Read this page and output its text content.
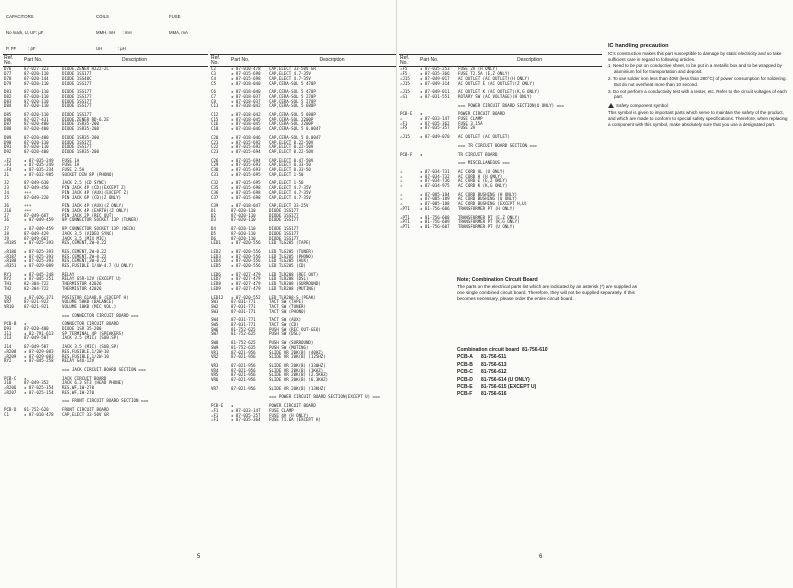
CAPACITORS

No mark, U, UF: µF

P, PF          : pF

COILS

MMH, mH      : mH

UH             : µH

FUSE

MMA, mA

Ref. No.	Part No.	Description
D76	87-027-323	DIODE,ZENER HZ22-2L
D77	87-020-110	DIODE 1SS177
D78	87-020-144	DIODE 1SS40C
D79	87-020-110	DIODE 1SS177

D81	87-020-110	DIODE 1SS177
D82	87-020-110	DIODE 1SS177
D83	87-020-110	DIODE 1SS177
D84	87-020-110	DIODE 1SS177

D85	87-020-110	DIODE 1SS177
D86	87-027-431	DIODE,ZENER RD-6.2E
D87	87-020-400	DIODE 1SR35-200
D88	87-020-400	DIODE 1SR35-200

D89	87-020-400	DIODE 1SR35-200
D90	87-020-110	DIODE 1SS177
D91	87-020-110	DIODE 1SS177
D92	87-020-400	DIODE 1SR35-200

⚠F2	★ 87-035-249	FUSE 1A
⚠F3	★ 87-035-249	FUSE 1A
⚠F4	★ 87-035-234	FUSE 2.5A
J1	★ 87-032-985	SOCKET DIN 8P (PHONO)

J2	87-049-630	JACK 2,5 (CD SYNC)
J3	87-049-450	PIN JACK 4P (CD)(EXCEPT Z)
J4	+++	PIN JACK 4P (AUX)(EXCEPT Z)
J5	87-049-220	PIN JACK 6P (CD)(Z ONLY)

J6	+++	PIN JACK 4P (AUX)(Z ONLY)
J16	+++	PIN JACK 4P (EARTH)(Z ONLY)
J7	87-049-667	PIN JACK 2P (REC OUT)
J6	★ 87-049-459	8P CONNECTOR SOCKET 13P (TUNER)

J7	★ 87-049-459	8P CONNECTOR SOCKET 13P (DECK)
J8	87-049-429	JACK 3,5 (VIDEO SYNC)
J9	87-049-667	JACK 3,5 (MIX MIC)
⚠R185	★ 87-025-393	RES,CEMENT,2W-0.22

⚠R186	★ 87-025-393	RES,CEMENT,2W-0.22
⚠R187	★ 87-025-393	RES,CEMENT,2W-0.22
⚠R188	★ 87-025-393	RES,CEMENT,2W-0.22
⚠R351	★ 87-029-089	RES,FUSIBLE 1/4W-4.7 (U ONLY)

RY1	★ 87-045-248	RELAY
RY2	★ 87-045-251	RELAY G5R-12V (EXCEPT U)
TH1	82-304-722	THERMISTOR 42026
TH2	82-304-722	THERMISTOR 42026

TH3	★ 87-026-371	POSISTOR 61AAB.8 (EXCEPT H)
VR7	87-021-922	VOLUME 50KB (BALANCE)
VR10	87-021-921	VOLUME 10KB (MIC VOL.)

		=== CONNECTOR CIRCUIT BOARD ===

PCB-B	★	CONNECTOR CIRCUIT BOARD
D93	87-020-400	DIODE 1SR 35-200
J11	★ 82-791-613	SP TERMINAL 4P (SPEAKERS)
J13	87-049-507	JACK 3.5 (MIC) (SUB.SP)

J14	87-049-507	JACK 3.5 (MIC) (SUB.SP)
⚠R208	★ 87-029-083	RES,FUSIBLE,1/2W-10
⚠R209	★ 87-029-083	RES,FUSIBLE,1/2W-10
RY2	★ 87-045-258	RELAY G4U-12V

		=== JACK CIRCUIT BOARD SECTION ===

PCB-C	★	JACK CIRCUIT BOARD
J10	87-049-352	JACK 6.3 ST3 (HEAD PHONE)
⚠R206	★ 87-025-154	RES,WF,1W-270
⚠R207	★ 87-025-154	RES,WF,1W-270

		=== FRONT CIRCUIT BOARD SECTION ===

PCB-D	81-752-620	FRONT CIRCUIT BOARD
C1	★ 87-010-478	CAP,ELECT 33-50V GR
Ref. No.	Part No.	Description
C2	★ 87-010-478	CAP,ELECT 33-50V GR
C3	★ 87-015-698	CAP,ELECT 4.7-35V
C4	★ 87-015-698	CAP,ELECT 4.7-35V
C5	★ 87-018-040	CAP,CERA-SOL 5 470P

C6	★ 87-018-040	CAP,CERA-SOL 5 470P
C7	★ 87-018-037	CAP,CERA-SOL 5 270P
C8	★ 87-018-037	CAP,CERA-SOL 5 270P
C11	★ 87-018-042	CAP,CERA-SOL 5 680P

C12	★ 87-018-042	CAP,CERA-SOL 5 680P
C15	★ 87-018-045	CAP,CERA-SOL 2200P
C16	★ 87-018-045	CAP,CERA-SOL 2200P
C18	★ 87-018-046	CAP,CERA-SOL 5 0.0047

C20	★ 87-018-046	CAP,CERA-SOL 5 0.0047
C21	★ 87-015-692	CAP,ELECT 0.22-50V
C22	★ 87-015-692	CAP,ELECT 0.22-50V
C23	★ 87-015-694	CAP,ELECT 0.22-50V

C26	★ 87-015-694	CAP,ELECT 0.47-50V
C29	★ 87-015-693	CAP,ELECT 0.33-50
C30	★ 87-015-693	CAP,ELECT 0.33-50
C31	★ 87-015-695	CAP,ELECT 1-50

C32	★ 87-015-695	CAP,ELECT 1-50
C35	★ 87-015-698	CAP,ELECT 4.7-35V
C36	★ 87-015-698	CAP,ELECT 4.7-35V
C37	★ 87-015-698	CAP,ELECT 4.7-35V

C39	★ 87-018-047	CAP,ELECT 33-25V
D1	87-020-110	DIODE 1SS177
D2	87-020-110	DIODE 1SS177
D3	87-020-110	DIODE 1SS177

D4	87-020-110	DIODE 1SS177
D5	87-020-110	DIODE 1SS177
D6	87-020-110	DIODE 1SS177
LED1	★ 87-020-556	LED TLG205 (TAPE)

LED2	★ 87-020-556	LED TLG205 (TUNER)
LED3	★ 87-020-556	LED TLG205 (PHONO)
LED4	★ 87-020-556	LED TLG205 (AUX)
LED5	★ 87-020-556	LED TLG205 (CD)

LED6	★ 87-027-479	LED TLR208 (REC OUT)
LED7	★ 87-027-479	LED TLR208 (DSL)
LED8	★ 87-027-479	LED TLR208 (SURROUND)
LED9	★ 87-027-479	LED TLR208 (MUTING)

LED12	★ 87-020-552	LED TLR208-S (PEAK)
SW1	87-031-771	TACT SW (TAPE)
SW2	87-031-771	TACT SW (TUNER)
SW3	87-031-771	TACT SW (PHONO)

SW4	87-031-771	TACT SW (AUX)
SW5	87-031-771	TACT SW (CD)
SW6	81-752-625	PUSH SW (REC OUT-GEQ)
SW7	81-752-625	PUSH SW (DSL)

SW8	81-752-625	PUSH SW (SURROUND)
SW9	81-752-625	PUSH SW (MUTING)
VR1	87-021-956	SLIDE VR 20K(B) (40HZ)
VR2	87-021-956	SLIDE VR 20K(B) (125HZ)

VR3	87-021-956	SLIDE VR 20K(B) (330HZ)
VR4	87-021-956	SLIDE VR 20K(B) (1KHZ)
VR5	87-021-956	SLIDE VR 20K(B) (2.5KHZ)
VR6	87-021-956	SLIDE VR 20K(B) (6.3KHZ)

VR7	87-021-956	SLIDE VR 20K(B) (13KHZ)

		=== POWER CIRCUIT BOARD SECTION(EXCEPT U) ===

PCB-E	★	POWER CIRCUIT BOARD
⚠F1	★ 87-033-147	FUSE CLAMP
⚠F1	★ 87-035-257	FUSE 4A (H ONLY)
⚠F1	★ 87-035-364	FUSE T1.6A (EXCEPT H)
5
Ref. No.	Part No.	Description
⚠F5	★ 87-035-253	FUSE 2A (H ONLY)
⚠F5	★ 87-035-366	FUSE T2.5A (E,Z ONLY)
⚠J15	★ 87-049-017	AC OUTLET (AC OUTLET)(H ONLY)
⚠J15	★ 87-049-314	AC OUTLET E (AC OUTLET)(Z ONLY)

⚠J15	★ 87-049-011	AC OUTLET K (AC OUTLET)(K,G ONLY)
⚠S1	★ 87-031-551	ROTARY SW (AC VOLTAGE)(H ONLY)

		=== POWER CIRCUIT BOARD SECTION(U ONLY) ===

PCB-E	★	POWER CIRCUIT BOARD
⚠	★ 87-033-147	FUSE CLAMP
⚠F1	★ 87-035-362	FUSE 3.15A
⚠F5	★ 87-035-357	FUSE 2A

⚠J15	★ 87-049-070	AC OUTLET (AC OUTLET)

		=== TR CIRCUIT BOARD SECTION ===

PCB-F	★	TR CIRCUIT BOARD

		=== MISCELLANEOUS ===

⚠	★ 87-034-731	AC CORD UL (U ONLY)
⚠	★ 87-034-732	AC CORD H (H ONLY)
⚠	★ 87-034-736	AC CORD E (E,Z ONLY)
⚠	★ 87-034-975	AC CORD K (K,G ONLY)

⚠	★ 87-085-184	AC CORD BUSHING (H ONLY)
⚠	★ 87-085-189	AC CORD BUSHING (U ONLY)
⚠	★ 87-085-188	AC CORD BUSHING (EXCEPT H,U)
⚠PT1	★ 81-756-606	TRANSFORMER PT (H ONLY)

⚠PT1	★ 81-756-608	TRANSFORMER PT (E,Z ONLY)
⚠PT1	★ 81-756-609	TRANSFORMER PT (K,G ONLY)
⚠PT1	★ 81-756-607	TRANSFORMER PT (U ONLY)
IC handling precaution

IC's construction makes this part susceptible to damage by static electricity and so take sufficient care in regard to following articles.

1. Need to be put on conductive sheet, to be put in a metallic box and to be wrapped by aluminium foil for transportation and deposit.

2. To use solder iron less than 40W (less than 280°C) of power consumption for soldering. But do not overheat more than 10 second.

3. Do not perform a conductivity test with a tester, etc. Refer to the circuit voltages of each part.

Safety component symbol

This symbol is given to important parts which serve to maintain the safety of the product, and which are made to conform to special safety specifications. Therefore, when replacing a component with this symbol, make absolutely sure that you use a designated part.

Note; Combination Circuit Board
The parts on the electrical parts list which are indicated by an asterisk (*) are supplied as one single combined circuit board. Therefore, they will not be supplied separately. If this becomes necessary, please order the entire circuit board.
Combination circuit board  81-756-610
PCB-A 81-756-611
PCB-B 81-756-613
PCB-C 81-756-612
PCB-D 81-756-614 (U ONLY)
PCB-E 81-756-615 (EXCEPT U)
PCB-F 81-756-616
6
